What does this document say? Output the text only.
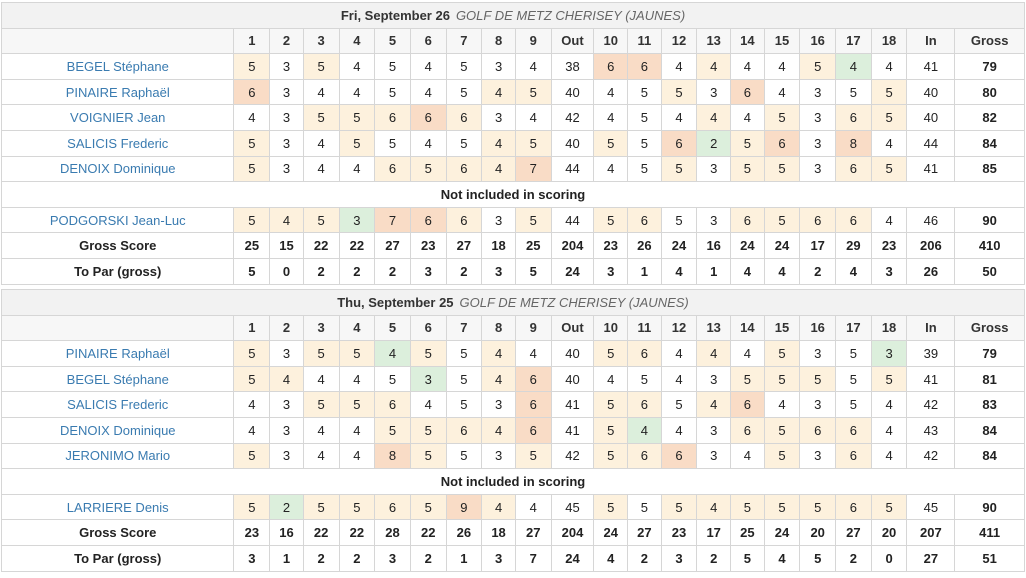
Fri, September 26 GOLF DE METZ CHERISEY (JAUNES)																					
	1	2	3	4	5	6	7	8	9	Out	10	11	12	13	14	15	16	17	18	In	Gross
BEGEL Stéphane	5	3	5	4	5	4	5	3	4	38	6	6	4	4	4	4	5	4	4	41	79
PINAIRE Raphaël	6	3	4	4	5	4	5	4	5	40	4	5	5	3	6	4	3	5	5	40	80
VOIGNIER Jean	4	3	5	5	6	6	6	3	4	42	4	5	4	4	4	5	3	6	5	40	82
SALICIS Frederic	5	3	4	5	5	4	5	4	5	40	5	5	6	2	5	6	3	8	4	44	84
DENOIX Dominique	5	3	4	4	6	5	6	4	7	44	4	5	5	3	5	5	3	6	5	41	85
Not included in scoring																					
PODGORSKI Jean-Luc	5	4	5	3	7	6	6	3	5	44	5	6	5	3	6	5	6	6	4	46	90
Gross Score	25	15	22	22	27	23	27	18	25	204	23	26	24	16	24	24	17	29	23	206	410
To Par (gross)	5	0	2	2	2	3	2	3	5	24	3	1	4	1	4	4	2	4	3	26	50
Thu, September 25 GOLF DE METZ CHERISEY (JAUNES)																					
	1	2	3	4	5	6	7	8	9	Out	10	11	12	13	14	15	16	17	18	In	Gross
PINAIRE Raphaël	5	3	5	5	4	5	5	4	4	40	5	6	4	4	4	5	3	5	3	39	79
BEGEL Stéphane	5	4	4	4	5	3	5	4	6	40	4	5	4	3	5	5	5	5	5	41	81
SALICIS Frederic	4	3	5	5	6	4	5	3	6	41	5	6	5	4	6	4	3	5	4	42	83
DENOIX Dominique	4	3	4	4	5	5	6	4	6	41	5	4	4	3	6	5	6	6	4	43	84
JERONIMO Mario	5	3	4	4	8	5	5	3	5	42	5	6	6	3	4	5	3	6	4	42	84
Not included in scoring																					
LARRIERE Denis	5	2	5	5	6	5	9	4	4	45	5	5	5	4	5	5	5	6	5	45	90
Gross Score	23	16	22	22	28	22	26	18	27	204	24	27	23	17	25	24	20	27	20	207	411
To Par (gross)	3	1	2	2	3	2	1	3	7	24	4	2	3	2	5	4	5	2	0	27	51
